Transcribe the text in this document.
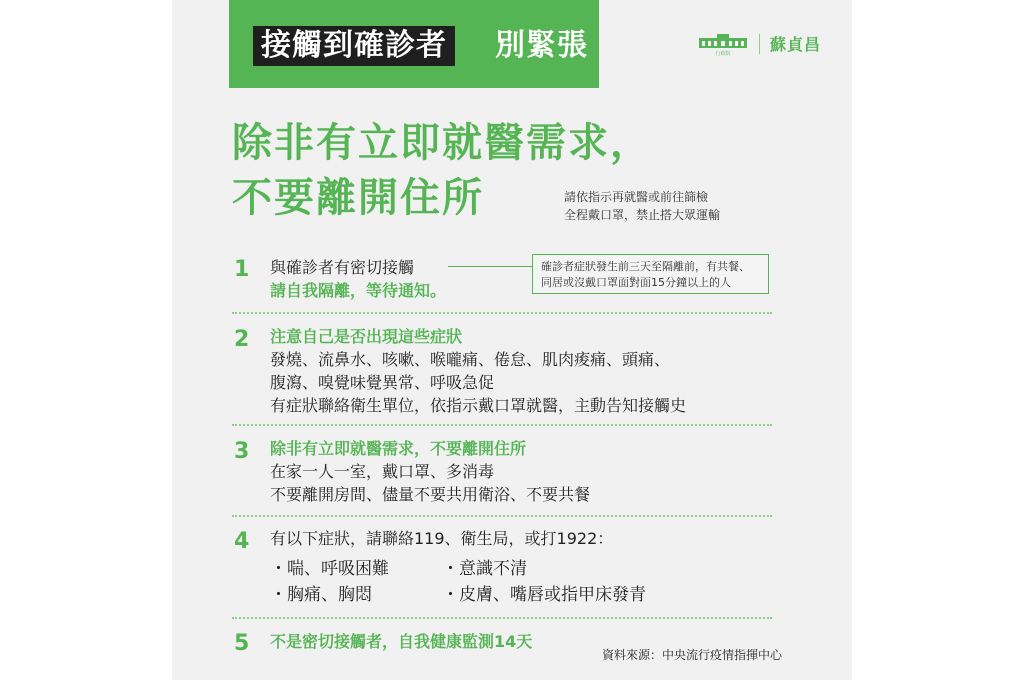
接觸到確診者 別緊張	行政院 蘇貞昌
除非有立即就醫需求，
不要離開住所	請依指示再就醫或前往篩檢
全程戴口罩，禁止搭大眾運輸
1 與確診者有密切接觸
請自我隔離，等待通知。
確診者症狀發生前三天至隔離前，有共餐、
同居或沒戴口罩面對面15分鐘以上的人
2 注意自己是否出現這些症狀
發燒、流鼻水、咳嗽、喉嚨痛、倦怠、肌肉痠痛、頭痛、
腹瀉、嗅覺味覺異常、呼吸急促
有症狀聯絡衛生單位，依指示戴口罩就醫，主動告知接觸史
3 除非有立即就醫需求，不要離開住所
在家一人一室，戴口罩、多消毒
不要離開房間、儘量不要共用衛浴、不要共餐
4 有以下症狀，請聯絡119、衛生局，或打1922：
・喘、呼吸困難	・意識不清
・胸痛、胸悶	・皮膚、嘴唇或指甲床發青
5 不是密切接觸者，自我健康監測14天
資料來源：中央流行疫情指揮中心
